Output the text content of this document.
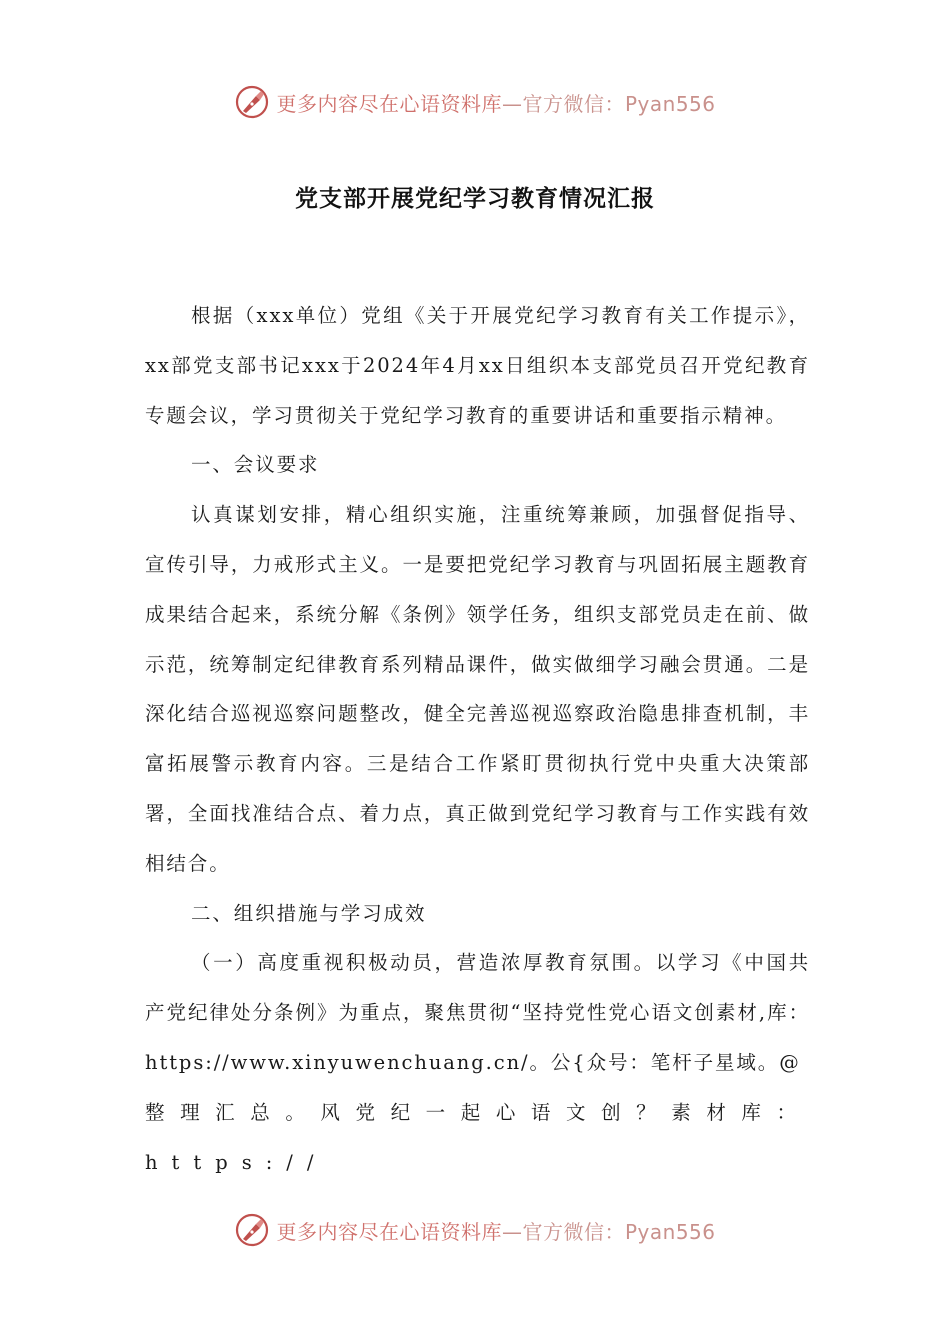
更多内容尽在心语资料库—官方微信：Pyan556
党支部开展党纪学习教育情况汇报

根据（xxx单位）党组《关于开展党纪学习教育有关工作提示》，xx部党支部书记xxx于2024年4月xx日组织本支部党员召开党纪教育专题会议，学习贯彻关于党纪学习教育的重要讲话和重要指示精神。

一、会议要求

认真谋划安排，精心组织实施，注重统筹兼顾，加强督促指导、宣传引导，力戒形式主义。一是要把党纪学习教育与巩固拓展主题教育成果结合起来，系统分解《条例》领学任务，组织支部党员走在前、做示范，统筹制定纪律教育系列精品课件，做实做细学习融会贯通。二是深化结合巡视巡察问题整改，健全完善巡视巡察政治隐患排查机制，丰富拓展警示教育内容。三是结合工作紧盯贯彻执行党中央重大决策部署，全面找准结合点、着力点，真正做到党纪学习教育与工作实践有效相结合。

二、组织措施与学习成效

（一）高度重视积极动员，营造浓厚教育氛围。以学习《中国共产党纪律处分条例》为重点，聚焦贯彻“坚持党性党心语文创素材,库：https://www.xinyuwenchuang.cn/。公{众号：笔杆子星域。@

整理汇总。风党纪一起心语文创？素材库：https://

更多内容尽在心语资料库—官方微信：Pyan556
